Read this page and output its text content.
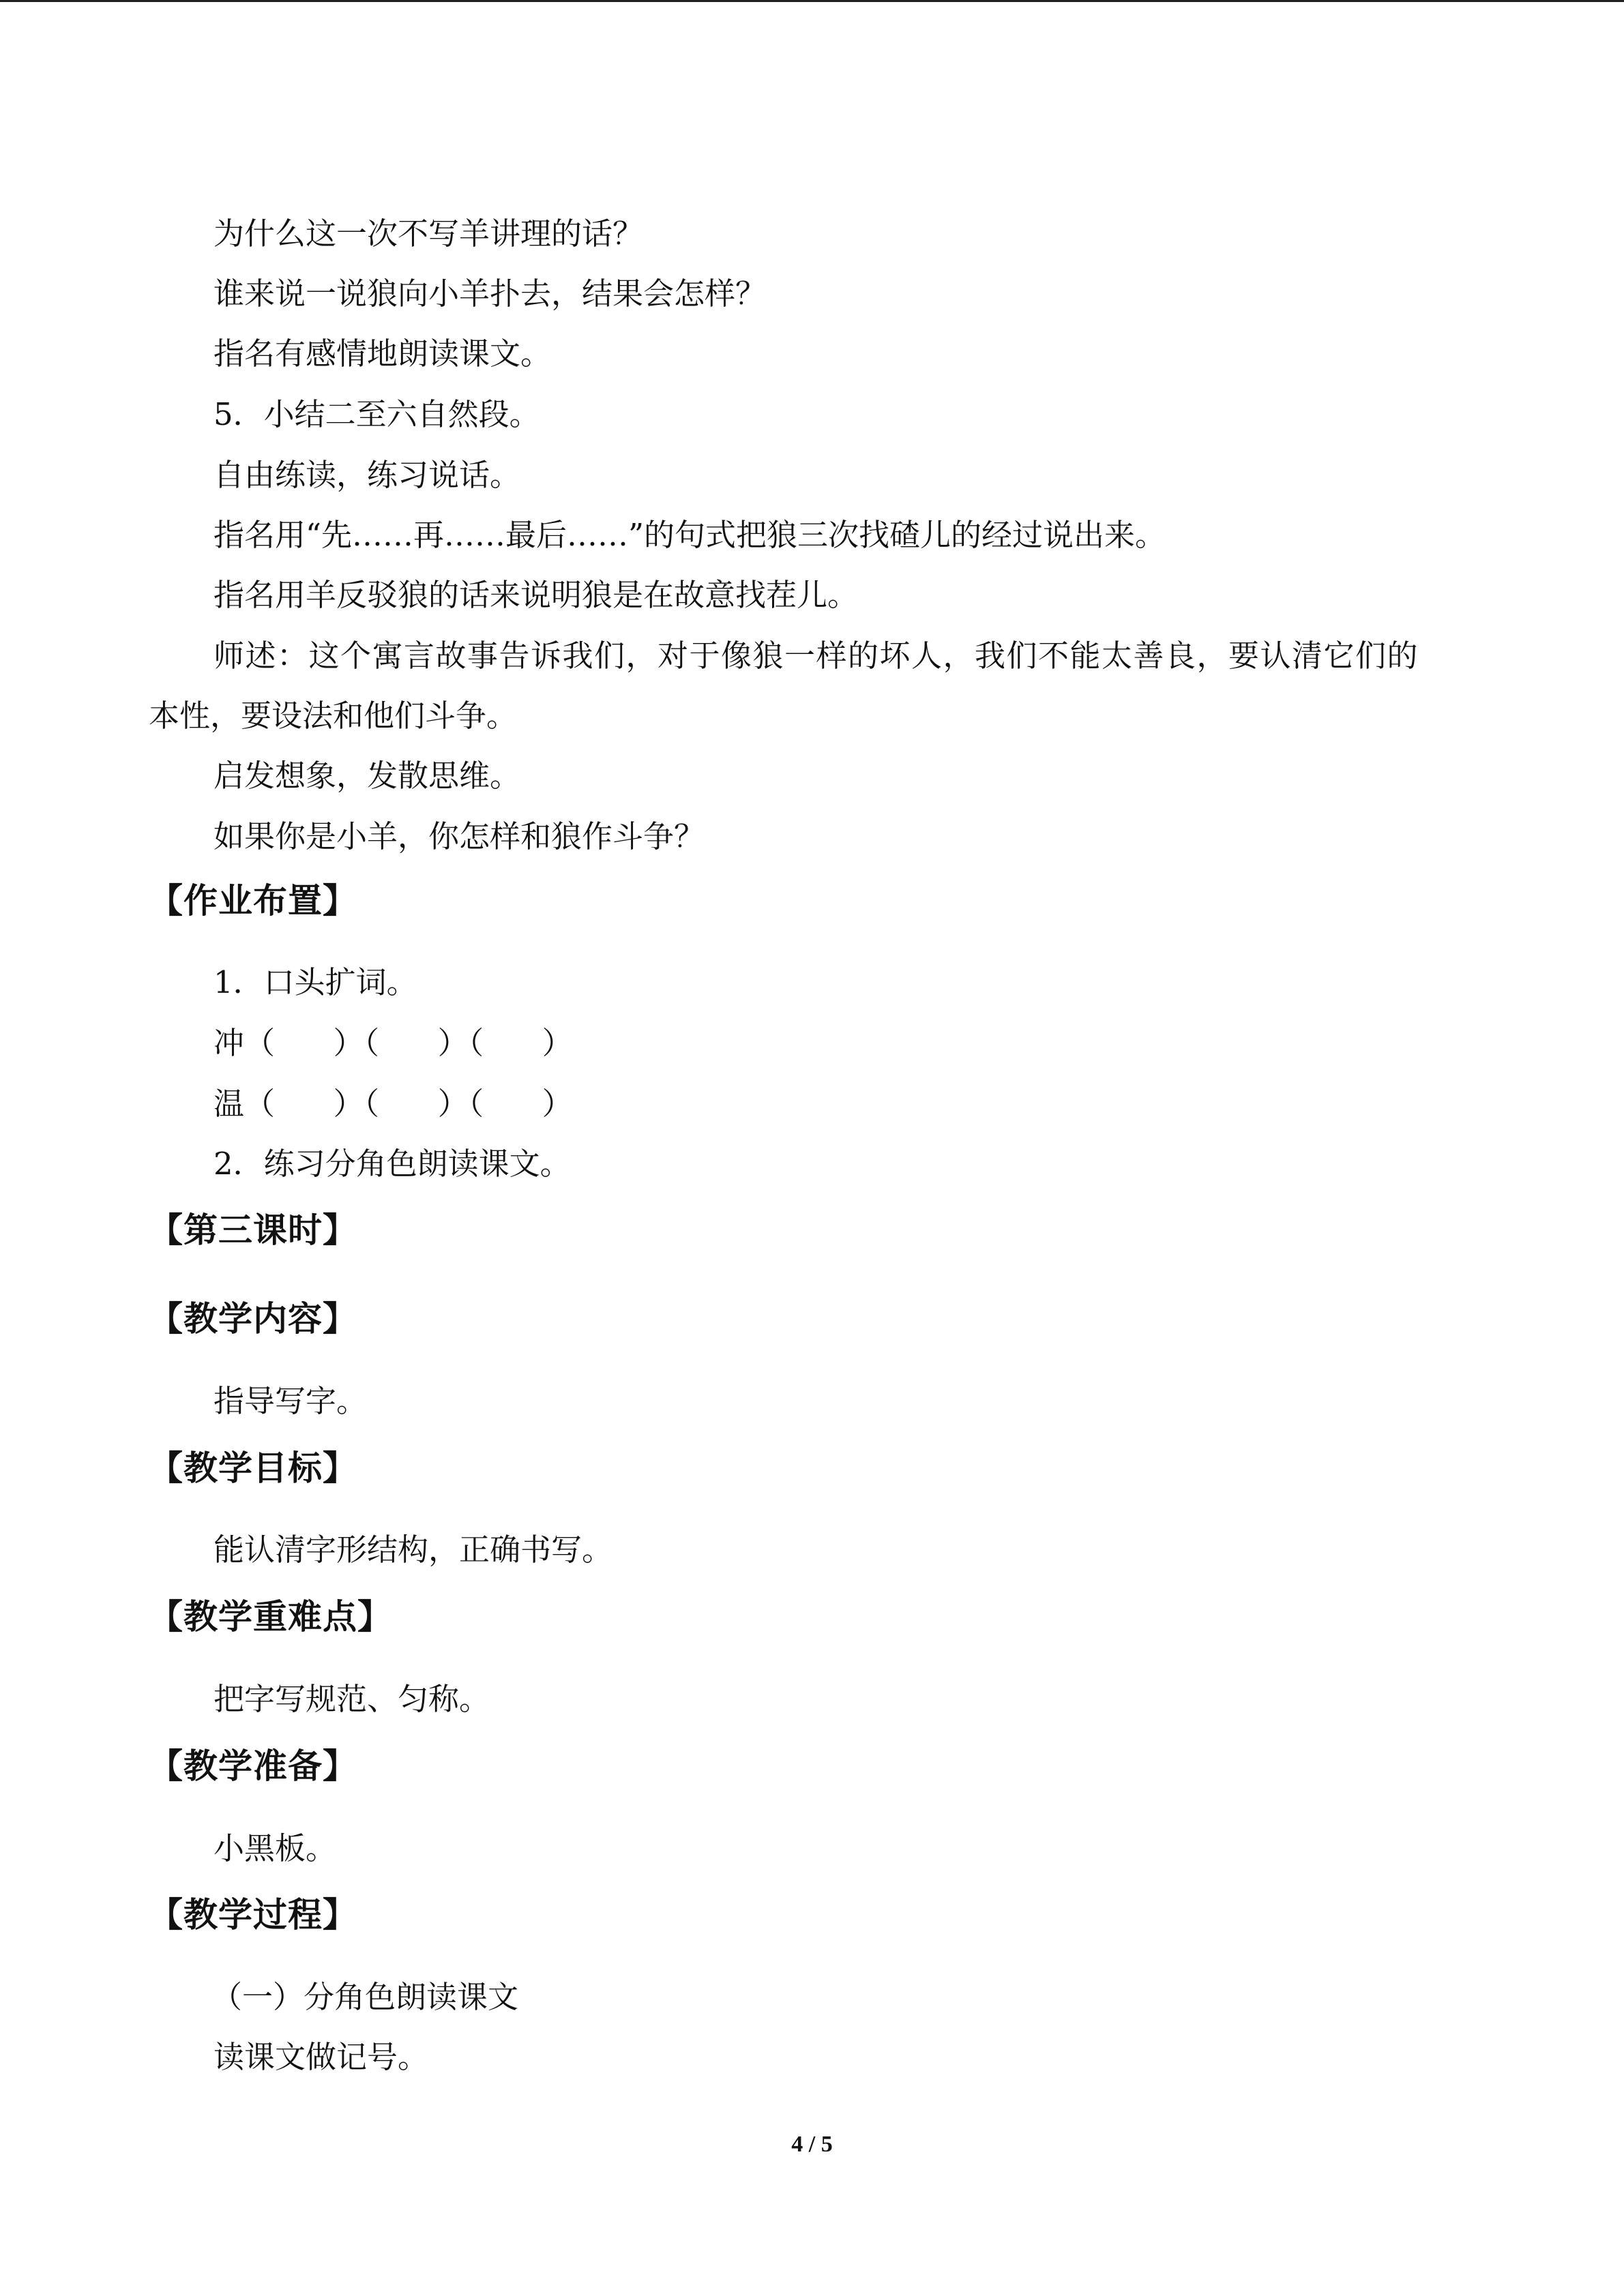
为什么这一次不写羊讲理的话？
谁来说一说狼向小羊扑去，结果会怎样？
指名有感情地朗读课文。
5．小结二至六自然段。
自由练读，练习说话。
指名用“先……再……最后……”的句式把狼三次找碴儿的经过说出来。
指名用羊反驳狼的话来说明狼是在故意找茬儿。
师述：这个寓言故事告诉我们，对于像狼一样的坏人，我们不能太善良，要认清它们的
本性，要设法和他们斗争。
启发想象，发散思维。
如果你是小羊，你怎样和狼作斗争？
【作业布置】
1．口头扩词。
冲（ ）（ ）（ ）
温（ ）（ ）（ ）
2．练习分角色朗读课文。
【第三课时】
【教学内容】
指导写字。
【教学目标】
能认清字形结构，正确书写。
【教学重难点】
把字写规范、匀称。
【教学准备】
小黑板。
【教学过程】
（一）分角色朗读课文
读课文做记号。
4 / 5
